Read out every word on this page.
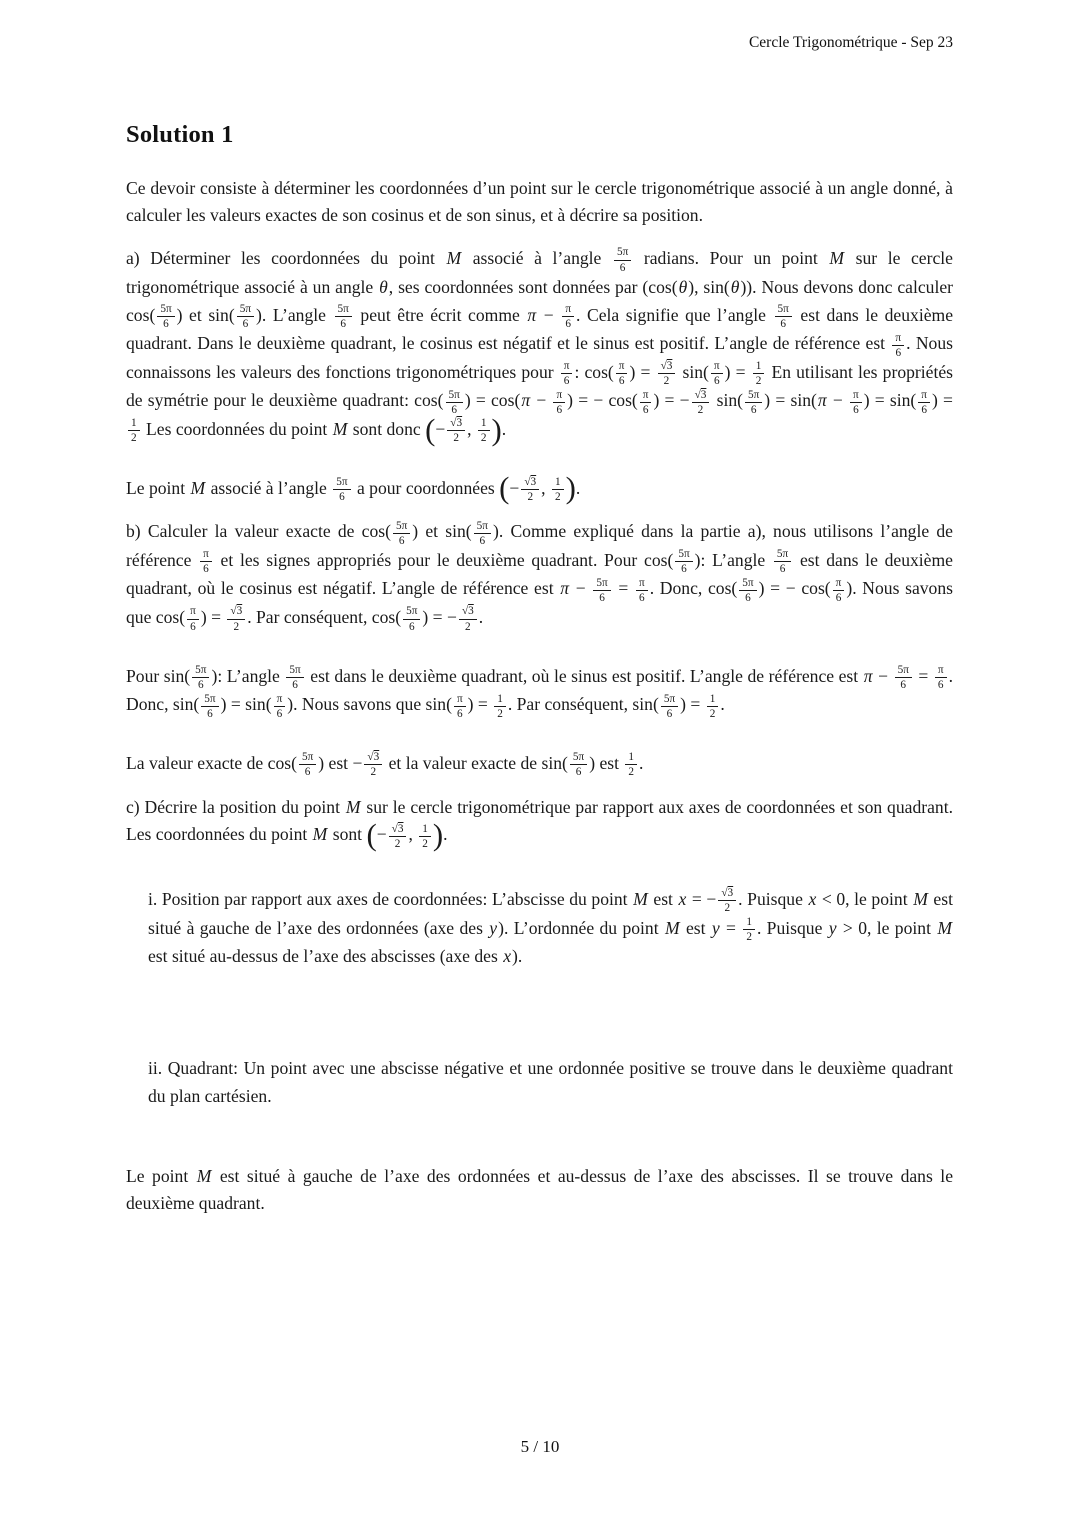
Cercle Trigonométrique - Sep 23
Solution 1

Ce devoir consiste à déterminer les coordonnées d’un point sur le cercle trigonométrique associé à un angle donné, à calculer les valeurs exactes de son cosinus et de son sinus, et à décrire sa position.

a) Déterminer les coordonnées du point M associé à l’angle $\frac{5\pi}{6}$ radians. Pour un point M sur le cercle trigonométrique associé à un angle θ, ses coordonnées sont données par (cos(θ), sin(θ)). Nous devons donc calculer $\cos( \frac{5\pi}{6}$ ) et $\sin( \frac{5\pi}{6}$ ). L’angle $\frac{5\pi}{6}$ peut être écrit comme $\pi - \frac{\pi}{6}$ . Cela signifie que l’angle $\frac{5\pi}{6}$ est dans le deuxième quadrant. Dans le deuxième quadrant, le cosinus est négatif et le sinus est positif. L’angle de référence est $\frac{\pi}{6}$ . Nous connaissons les valeurs des fonctions trigonométriques pour $\frac{\pi}{6}$ : $\cos( \frac{\pi}{6}$ ) = $\frac{√3}{2} \sin( \frac{\pi}{6}$ ) = $\frac{1}{2}$ En utilisant les propriétés de symétrie pour le deuxième quadrant: $\cos( \frac{5\pi}{6}$ ) = $\cos(\pi - \frac{\pi}{6}$ ) = − $\cos( \frac{\pi}{6}$ ) = − $\frac{√3}{2} \sin( \frac{5\pi}{6}$ ) = $\sin(\pi - \frac{\pi}{6}$ ) = $\sin( \frac{\pi}{6}$ ) =
$\frac{1}{2}$ Les coordonnées du point M sont donc (− $\frac{√3}{2}$ , $\frac{1}{2}$ ).

Le point M associé à l’angle $\frac{5\pi}{6}$ a pour coordonnées (− $\frac{√3}{2}$ , $\frac{1}{2}$ ).

b) Calculer la valeur exacte de $\cos( \frac{5\pi}{6}$ ) et $\sin( \frac{5\pi}{6}$ ). Comme expliqué dans la partie a), nous utilisons l’angle de référence $\frac{\pi}{6}$ et les signes appropriés pour le deuxième quadrant. Pour $\cos( \frac{5\pi}{6}$ ): L’angle $\frac{5\pi}{6}$ est dans le deuxième quadrant, où le cosinus est négatif. L’angle de référence est $\pi - \frac{5\pi}{6} = \frac{\pi}{6}$ . Donc, $\cos( \frac{5\pi}{6}$ ) = − $\cos( \frac{\pi}{6}$ ). Nous savons que $\cos( \frac{\pi}{6}$ ) = $\frac{√3}{2}$ . Par conséquent, $\cos( \frac{5\pi}{6}$ ) = − $\frac{√3}{2}$ .

Pour $\sin( \frac{5\pi}{6}$ ): L’angle $\frac{5\pi}{6}$ est dans le deuxième quadrant, où le sinus est positif. L’angle de référence est $\pi - \frac{5\pi}{6} = \frac{\pi}{6}$ . Donc, $\sin( \frac{5\pi}{6}$ ) = $\sin( \frac{\pi}{6}$ ). Nous savons que $\sin( \frac{\pi}{6}$ ) = $\frac{1}{2}$ . Par conséquent, $\sin( \frac{5\pi}{6}$ ) = $\frac{1}{2}$ .

La valeur exacte de $\cos( \frac{5\pi}{6}$ ) est − $\frac{√3}{2}$ et la valeur exacte de $\sin( \frac{5\pi}{6}$ ) est $\frac{1}{2}$ .

c) Décrire la position du point M sur le cercle trigonométrique par rapport aux axes de coordonnées et son quadrant. Les coordonnées du point M sont (− $\frac{√3}{2}$ , $\frac{1}{2}$ ).

i. Position par rapport aux axes de coordonnées: L’abscisse du point M est x = − $\frac{√3}{2}$ . Puisque x < 0, le point M est situé à gauche de l’axe des ordonnées (axe des y). L’ordonnée du point M est $y = \frac{1}{2}$ . Puisque y > 0, le point M est situé au-dessus de l’axe des abscisses (axe des x).

ii. Quadrant: Un point avec une abscisse négative et une ordonnée positive se trouve dans le deuxième quadrant du plan cartésien.

Le point M est situé à gauche de l’axe des ordonnées et au-dessus de l’axe des abscisses. Il se trouve dans le deuxième quadrant.

5 / 10
